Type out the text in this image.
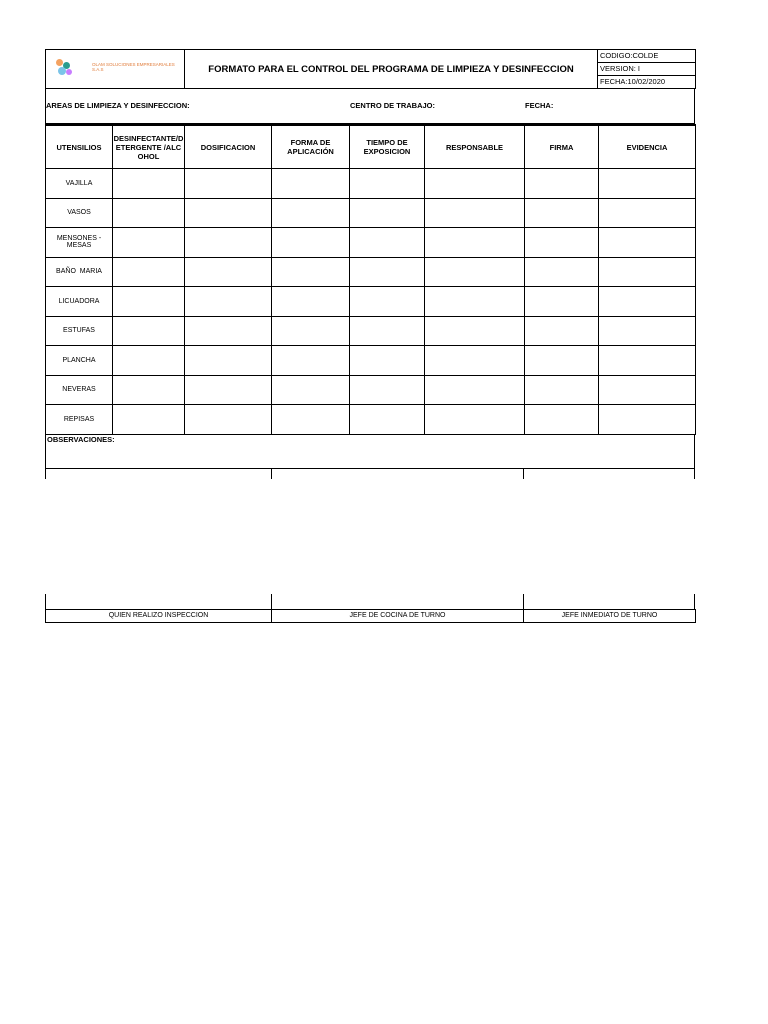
OLAM SOLUCIONES EMPRESARIALES S.A.S	FORMATO PARA EL CONTROL DEL PROGRAMA DE LIMPIEZA Y DESINFECCION	CODIGO:COLDE
VERSION: I
FECHA:10/02/2020
AREAS DE LIMPIEZA Y DESINFECCION:	CENTRO DE TRABAJO:	FECHA:
UTENSILIOS	DESINFECTANTE/DETERGENTE /ALCOHOL	DOSIFICACION	FORMA DE APLICACIÓN	TIEMPO DE EXPOSICION	RESPONSABLE	FIRMA	EVIDENCIA
VAJILLA							
VASOS							
MENSONES - MESAS							
BAÑO  MARIA							
LICUADORA							
ESTUFAS							
PLANCHA							
NEVERAS							
REPISAS							
OBSERVACIONES:
QUIEN REALIZO INSPECCION	JEFE DE COCINA DE TURNO	JEFE INMEDIATO DE TURNO
